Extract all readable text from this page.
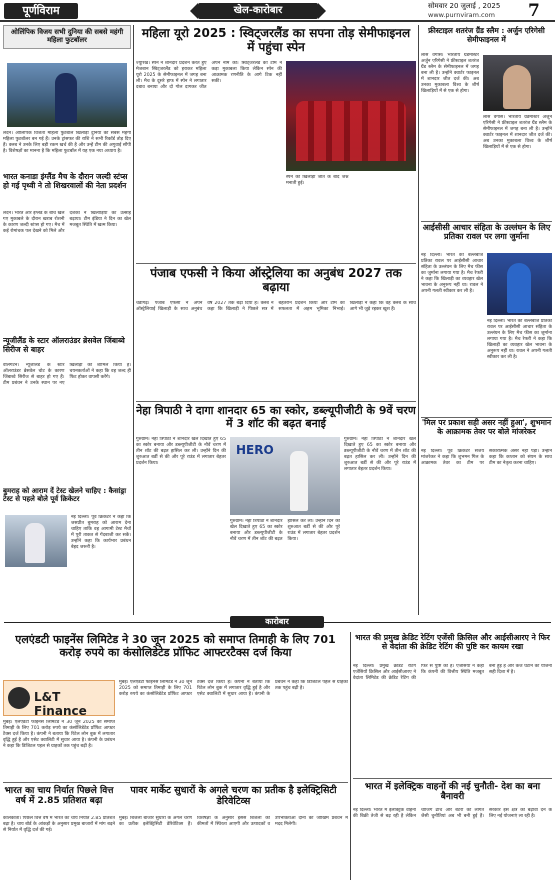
पूर्णविराम	खेल-कारोबार	सोमवार 20 जुलाई , 2025
www.purnviram.com 7
ओलिंपिक विजय सभी दुनिया की सबसे महंगी महिला फुटबॉलर
लंदन। ओलिंपिक विजेता महिला फुटबॉल खिलाड़ी दुनिया की सबसे महंगी महिला फुटबॉलर बन गई हैं। उनके ट्रांसफर की राशि ने सभी रिकॉर्ड तोड़ दिए हैं। क्लब ने उनके लिए बड़ी रकम खर्च की है और उन्हें टीम की अगुवाई सौंपी है। विशेषज्ञों का मानना है कि महिला फुटबॉल में यह एक नया अध्याय है।
भारत कनाडा इंग्लैंड मैच के दौरान जल्दी स्टंप्स हो गई पृथ्वी ने तो शिखरवालों की नेता प्रदर्शन
लंदन। भारत और इंग्लैंड के बीच खेले गए मुकाबले के दौरान खराब रोशनी के कारण जल्दी स्टंप्स हो गए। मैच में कई रोमांचक पल देखने को मिले और दर्शकों ने खिलाड़ियों का उत्साह बढ़ाया। टीम इंडिया ने दिन का खेल मजबूत स्थिति में खत्म किया।
न्यूजीलैंड के स्टार ऑलराउंडर ब्रेसवेल जिंबाब्वे सिरीज से बाहर
वेलिंगटन। न्यूजीलैंड के स्टार ऑलराउंडर ब्रेसवेल चोट के कारण जिंबाब्वे सिरीज से बाहर हो गए हैं। टीम प्रबंधन ने उनके स्थान पर नए खिलाड़ी को शामिल किया है। चयनकर्ताओं ने कहा कि वह जल्द ही फिट होकर वापसी करेंगे।
बुमराह को आराम दें टेस्ट खेलने चाहिए : कैसांड्रा टेस्ट से पहले बोले पूर्व क्रिकेटर
नई दिल्ली। पूर्व क्रिकेटर ने कहा कि जसप्रीत बुमराह को आराम देना चाहिए ताकि वह आगामी टेस्ट मैचों में पूरी ताकत से गेंदबाजी कर सकें। उन्होंने कहा कि कार्यभार प्रबंधन बेहद जरूरी है।
महिला यूरो 2025 : स्विट्जरलैंड का सपना तोड़ सेमीफाइनल में पहुंचा स्पेन
ज्यूरिख। स्पेन ने शानदार प्रदर्शन करते हुए मेजबान स्विट्जरलैंड को हराकर महिला यूरो 2025 के सेमीफाइनल में जगह बना ली। मैच के दूसरे हाफ में स्पेन ने लगातार दबाव बनाया और दो गोल दागकर जीत अपने नाम की। स्विट्जरलैंड की टीम ने कड़ा मुकाबला किया लेकिन स्पेन की आक्रामक रणनीति के आगे टिक नहीं सकी।
स्पेन की खिलाड़ी जीत के बाद जश्न मनाती हुई।
पंजाब एफसी ने किया ऑस्ट्रेलिया का अनुबंध 2027 तक बढ़ाया
चंडीगढ़। पंजाब एफसी ने अपने ऑस्ट्रेलियाई खिलाड़ी के साथ अनुबंध वर्ष 2027 तक बढ़ा दिया है। क्लब ने कहा कि खिलाड़ी ने पिछले सत्र में बेहतरीन प्रदर्शन किया और टीम की सफलता में अहम भूमिका निभाई। खिलाड़ी ने कहा कि वह क्लब के साथ आगे भी जुड़े रहकर खुश हैं।
नेहा त्रिपाठी ने दागा शानदार 65 का स्कोर, डब्ल्यूपीजीटी के 9वें चरण में 3 शॉट की बढ़त बनाई
गुरुग्राम। नेहा त्रिपाठी ने शानदार खेल दिखाते हुए 65 का स्कोर बनाया और डब्ल्यूपीजीटी के नौवें चरण में तीन शॉट की बढ़त हासिल कर ली। उन्होंने दिन की शुरुआत बर्डी से की और पूरे राउंड में लगातार बेहतर प्रदर्शन किया।
HERO
गुरुग्राम। नेहा त्रिपाठी ने शानदार खेल दिखाते हुए 65 का स्कोर बनाया और डब्ल्यूपीजीटी के नौवें चरण में तीन शॉट की बढ़त हासिल कर ली। उन्होंने दिन की शुरुआत बर्डी से की और पूरे राउंड में लगातार बेहतर प्रदर्शन किया।
गुरुग्राम। नेहा त्रिपाठी ने शानदार खेल दिखाते हुए 65 का स्कोर बनाया और डब्ल्यूपीजीटी के नौवें चरण में तीन शॉट की बढ़त हासिल कर ली। उन्होंने दिन की शुरुआत बर्डी से की और पूरे राउंड में लगातार बेहतर प्रदर्शन किया।
फ्रीस्टाइल शतरंज ग्रैंड स्लैम : अर्जुन एरिगेसी सेमीफाइनल में
लास वेगास। भारतीय ग्रैंडमास्टर अर्जुन एरिगेसी ने फ्रीस्टाइल शतरंज ग्रैंड स्लैम के सेमीफाइनल में जगह बना ली है। उन्होंने क्वार्टर फाइनल में शानदार जीत दर्ज की। अब उनका मुकाबला विश्व के शीर्ष खिलाड़ियों में से एक से होगा।
लास वेगास। भारतीय ग्रैंडमास्टर अर्जुन एरिगेसी ने फ्रीस्टाइल शतरंज ग्रैंड स्लैम के सेमीफाइनल में जगह बना ली है। उन्होंने क्वार्टर फाइनल में शानदार जीत दर्ज की। अब उनका मुकाबला विश्व के शीर्ष खिलाड़ियों में से एक से होगा।
आईसीसी आचार संहिता के उल्लंघन के लिए प्रतिका रावल पर लगा जुर्माना
नई दिल्ली। भारत की बल्लेबाज प्रतिका रावल पर आईसीसी आचार संहिता के उल्लंघन के लिए मैच फीस का जुर्माना लगाया गया है। मैच रेफरी ने कहा कि खिलाड़ी का व्यवहार खेल भावना के अनुरूप नहीं था। रावल ने अपनी गलती स्वीकार कर ली है।
नई दिल्ली। भारत की बल्लेबाज प्रतिका रावल पर आईसीसी आचार संहिता के उल्लंघन के लिए मैच फीस का जुर्माना लगाया गया है। मैच रेफरी ने कहा कि खिलाड़ी का व्यवहार खेल भावना के अनुरूप नहीं था। रावल ने अपनी गलती स्वीकार कर ली है।
'मिल पर प्रकाश सही असर नहीं हुआ', शुभमान के आक्रामक तेवर पर बोले मांजरेकर
नई दिल्ली। पूर्व क्रिकेटर संजय मांजरेकर ने कहा कि शुभमन गिल के आक्रामक तेवर का टीम पर सकारात्मक असर नहीं पड़ा। उन्होंने कहा कि कप्तान को संयम के साथ टीम का नेतृत्व करना चाहिए।
कारोबार
एलएंडटी फाइनेंस लिमिटेड ने 30 जून 2025 को समाप्त तिमाही के लिए 701 करोड़ रुपये का कंसोलिडेटेड प्रॉफिट आफ्टरटैक्स दर्ज किया
L&T Finance
मुंबई। एलएंडटी फाइनेंस लिमिटेड ने 30 जून 2025 को समाप्त तिमाही के लिए 701 करोड़ रुपये का कंसोलिडेटेड प्रॉफिट आफ्टर टैक्स दर्ज किया है। कंपनी ने बताया कि रिटेल लोन बुक में लगातार वृद्धि हुई है और एसेट क्वालिटी में सुधार आया है। कंपनी के प्रबंधन ने कहा कि डिजिटल पहल से ग्राहकों तक पहुंच बढ़ी है।
मुंबई। एलएंडटी फाइनेंस लिमिटेड ने 30 जून 2025 को समाप्त तिमाही के लिए 701 करोड़ रुपये का कंसोलिडेटेड प्रॉफिट आफ्टर टैक्स दर्ज किया है। कंपनी ने बताया कि रिटेल लोन बुक में लगातार वृद्धि हुई है और एसेट क्वालिटी में सुधार आया है। कंपनी के प्रबंधन ने कहा कि डिजिटल पहल से ग्राहकों तक पहुंच बढ़ी है।
भारत का चाय निर्यात पिछले वित्त वर्ष में 2.85 प्रतिशत बढ़ा
कोलकाता। पिछले वित्त वर्ष में भारत का चाय निर्यात 2.85 प्रतिशत बढ़ा है। चाय बोर्ड के आंकड़ों के अनुसार प्रमुख बाजारों में मांग बढ़ने से निर्यात में वृद्धि दर्ज की गई।
पावर मार्केट सुधारों के अगले चरण का प्रतीक है इलेक्ट्रिसिटी डेरिवेटिव्स
मुंबई। बिजली बाजार सुधारों के अगले चरण का प्रतीक इलेक्ट्रिसिटी डेरिवेटिव्स हैं। विशेषज्ञों के अनुसार इससे बिजली की कीमतों में स्थिरता आएगी और उत्पादकों व उपभोक्ताओं दोनों को जोखिम प्रबंधन में मदद मिलेगी।
भारत की प्रमुख क्रेडिट रेटिंग एजेंसी क्रिसिल और आईसीआरए ने फिर से वेदांता की क्रेडिट रेटिंग की पुष्टि कर कायम रखा
नई दिल्ली। प्रमुख क्रेडिट रेटिंग एजेंसियों क्रिसिल और आईसीआरए ने वेदांता लिमिटेड की क्रेडिट रेटिंग की फिर से पुष्टि की है। एजेंसियों ने कहा कि कंपनी की वित्तीय स्थिति मजबूत बनी हुई है और कर्ज घटाने की योजना सही दिशा में है।
भारत में इलेक्ट्रिक वाहनों की नई चुनौती- देश का बना बैनावरी
नई दिल्ली। भारत में इलेक्ट्रिक वाहनों की बिक्री तेजी से बढ़ रही है लेकिन चार्जिंग ढांचे और बैटरी की लागत जैसी चुनौतियां अब भी बनी हुई हैं। सरकार इस क्षेत्र को बढ़ावा देने के लिए नई योजनाएं ला रही है।
